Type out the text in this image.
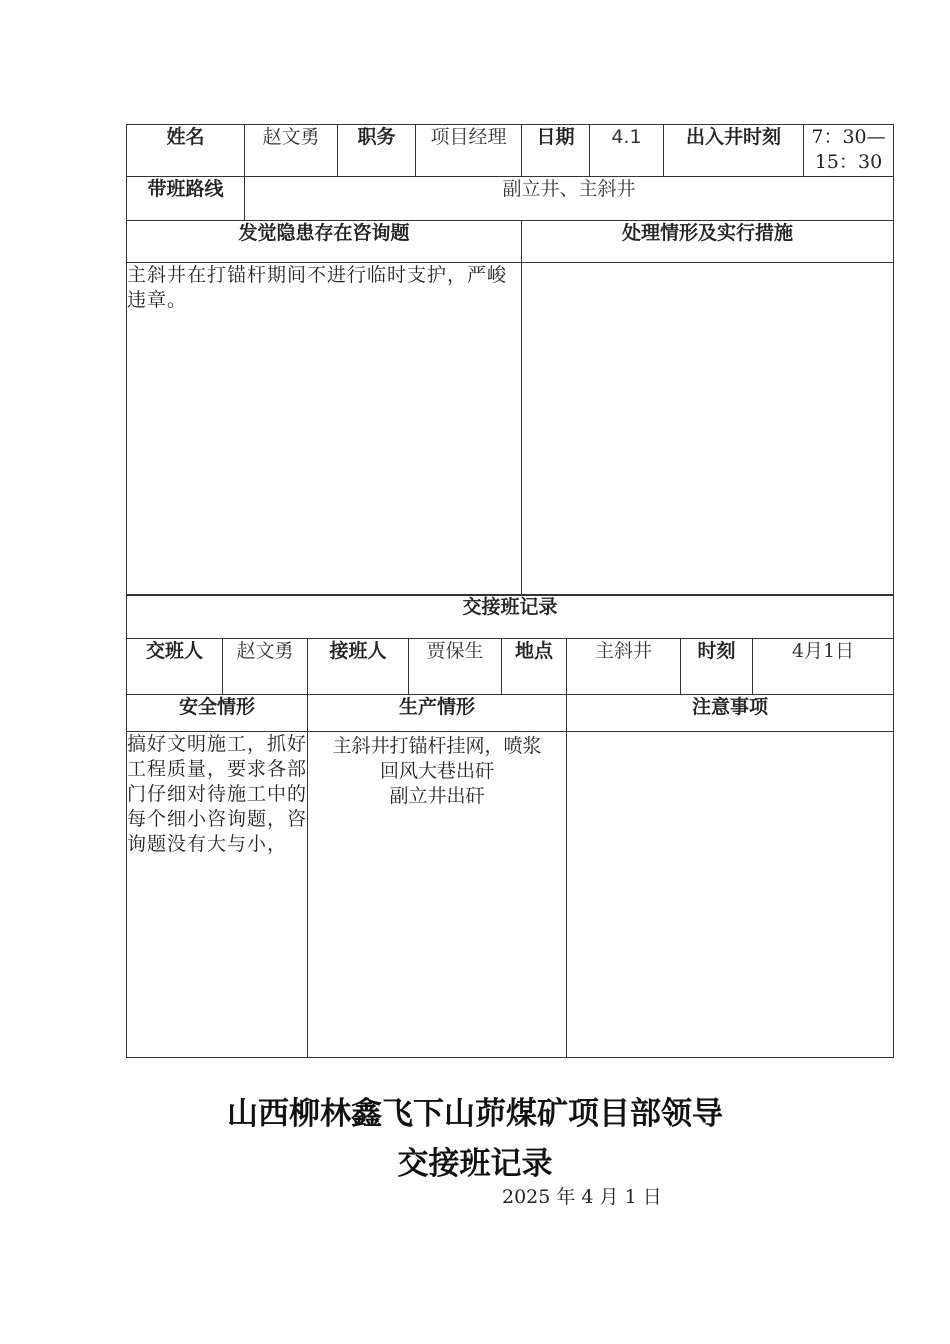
姓名	赵文勇	职务	项目经理	日期	4.1	出入井时刻	7：30—
15：30

带班路线	副立井、主斜井						
发觉隐患存在咨询题				处理情形及实行措施			
主斜井在打锚杆期间不进行临时支护，严峻违章。							
交接班记录							
交班人	赵文勇	接班人	贾保生	地点	主斜井	时刻	4月1日
安全情形		生产情形			注意事项		
搞好文明施工，抓好工程质量，要求各部门仔细对待施工中的每个细小咨询题，咨询题没有大与小，		主斜井打锚杆挂网，喷浆
回风大巷出矸
副立井出矸					

山西柳林鑫飞下山茆煤矿项目部领导
交接班记录
2025 年 4 月 1 日
